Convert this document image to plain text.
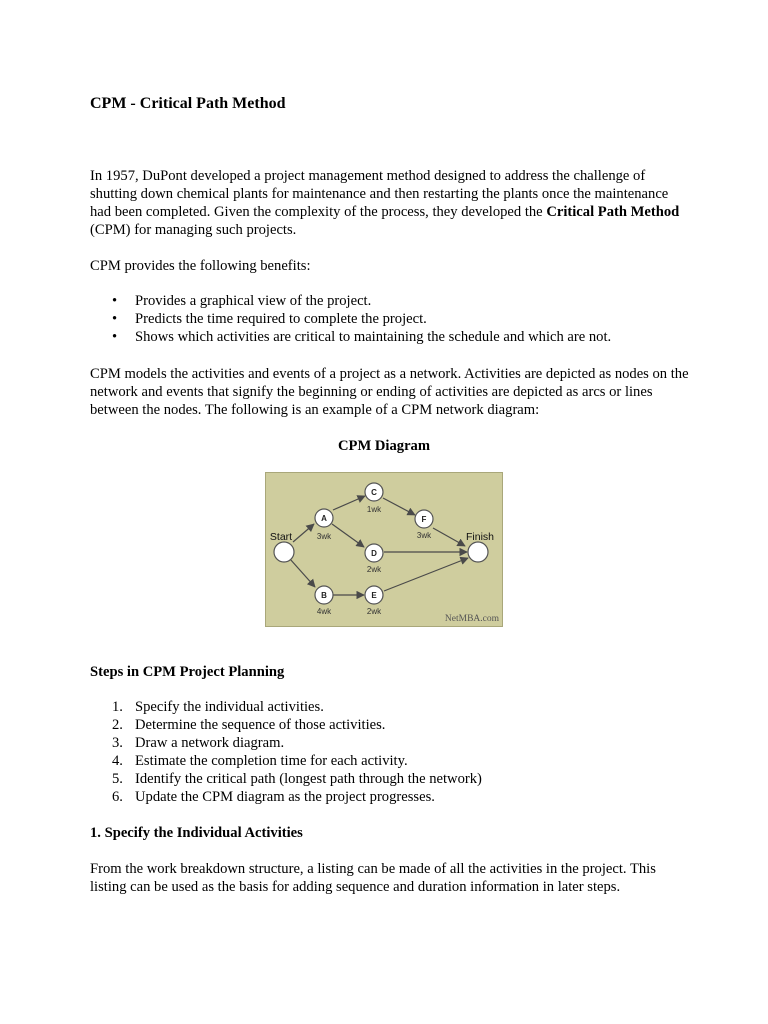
CPM - Critical Path Method

In 1957, DuPont developed a project management method designed to address the challenge of shutting down chemical plants for maintenance and then restarting the plants once the maintenance had been completed. Given the complexity of the process, they developed the Critical Path Method (CPM) for managing such projects.

CPM provides the following benefits:

• Provides a graphical view of the project.
• Predicts the time required to complete the project.
• Shows which activities are critical to maintaining the schedule and which are not.

CPM models the activities and events of a project as a network. Activities are depicted as nodes on the network and events that signify the beginning or ending of activities are depicted as arcs or lines between the nodes. The following is an example of a CPM network diagram:

CPM Diagram
A
B
C
D
E
F
3wk
4wk
1wk
2wk
2wk
3wk
Start	Finish
NetMBA.com
Steps in CPM Project Planning
1. Specify the individual activities.
2. Determine the sequence of those activities.
3. Draw a network diagram.
4. Estimate the completion time for each activity.
5. Identify the critical path (longest path through the network)
6. Update the CPM diagram as the project progresses.
1. Specify the Individual Activities

From the work breakdown structure, a listing can be made of all the activities in the project. This listing can be used as the basis for adding sequence and duration information in later steps.
